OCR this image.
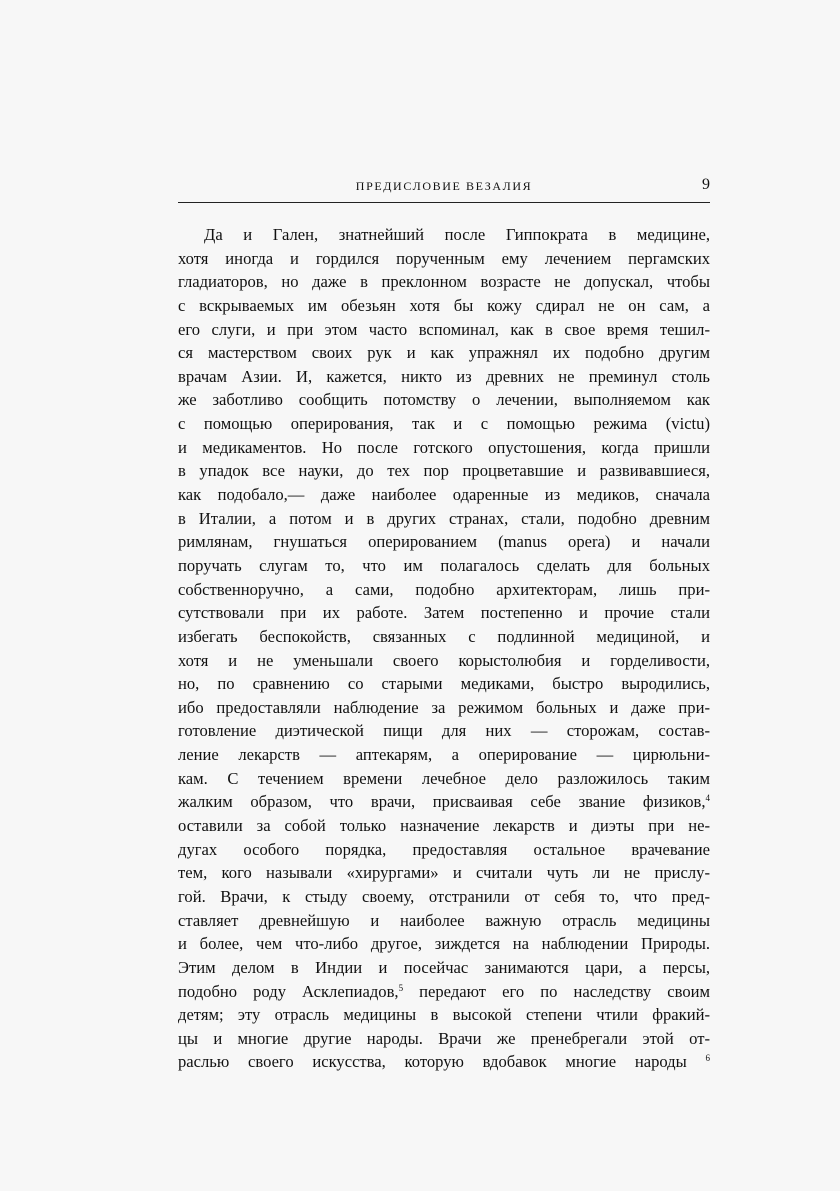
ПРЕДИСЛОВИЕ ВЕЗАЛИЯ	9
Да и Гален, знатнейший после Гиппократа в медицине,
хотя иногда и гордился порученным ему лечением пергамских
гладиаторов, но даже в преклонном возрасте не допускал, чтобы
с вскрываемых им обезьян хотя бы кожу сдирал не он сам, а
его слуги, и при этом часто вспоминал, как в свое время тешил-
ся мастерством своих рук и как упражнял их подобно другим
врачам Азии. И, кажется, никто из древних не преминул столь
же заботливо сообщить потомству о лечении, выполняемом как
с помощью оперирования, так и с помощью режима (victu)
и медикаментов. Но после готского опустошения, когда пришли
в упадок все науки, до тех пор процветавшие и развивавшиеся,
как подобало,— даже наиболее одаренные из медиков, сначала
в Италии, а потом и в других странах, стали, подобно древним
римлянам, гнушаться оперированием (manus opera) и начали
поручать слугам то, что им полагалось сделать для больных
собственноручно, а сами, подобно архитекторам, лишь при-
сутствовали при их работе. Затем постепенно и прочие стали
избегать беспокойств, связанных с подлинной медициной, и
хотя и не уменьшали своего корыстолюбия и горделивости,
но, по сравнению со старыми медиками, быстро выродились,
ибо предоставляли наблюдение за режимом больных и даже при-
готовление диэтической пищи для них — сторожам, состав-
ление лекарств — аптекарям, а оперирование — цирюльни-
кам. С течением времени лечебное дело разложилось таким
жалким образом, что врачи, присваивая себе звание физиков,$^4$
оставили за собой только назначение лекарств и диэты при не-
дугах особого порядка, предоставляя остальное врачевание
тем, кого называли «хирургами» и считали чуть ли не прислу-
гой. Врачи, к стыду своему, отстранили от себя то, что пред-
ставляет древнейшую и наиболее важную отрасль медицины
и более, чем что-либо другое, зиждется на наблюдении Природы.
Этим делом в Индии и посейчас занимаются цари, а персы,
подобно роду Асклепиадов,$^5$ передают его по наследству своим
детям; эту отрасль медицины в высокой степени чтили фракий-
цы и многие другие народы. Врачи же пренебрегали этой от-
раслью своего искусства, которую вдобавок многие народы $^6$
